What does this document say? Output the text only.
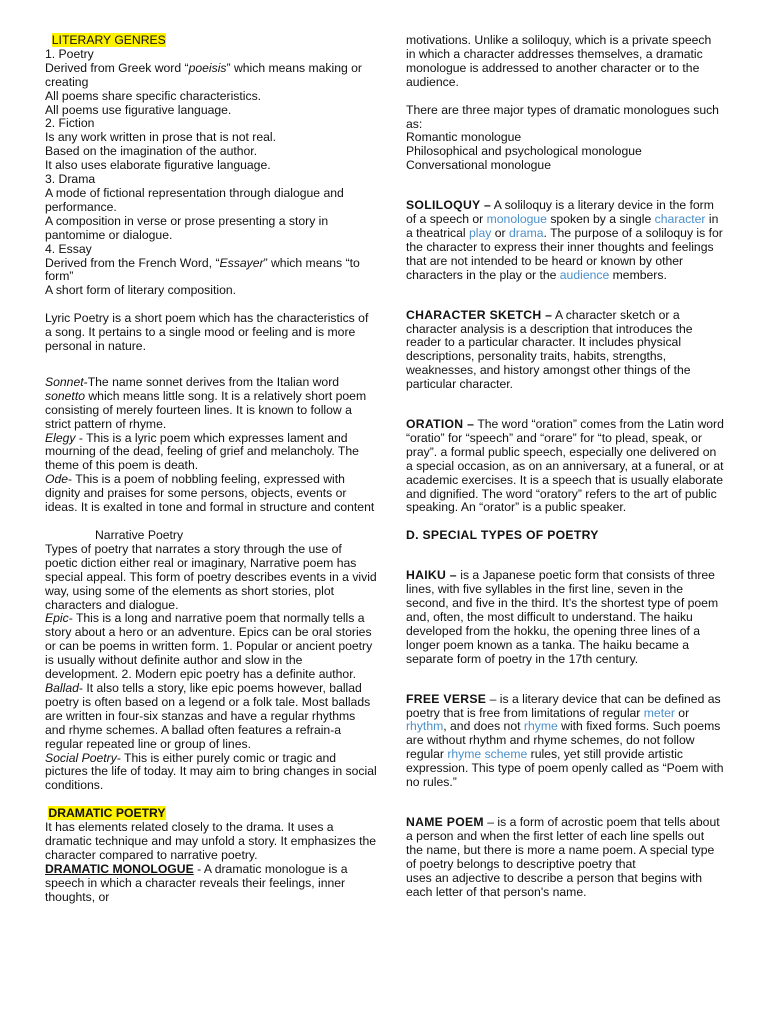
LITERARY GENRES

1. Poetry

Derived from Greek word “poeisis” which means making or creating

All poems share specific characteristics.

All poems use figurative language.

2. Fiction

Is any work written in prose that is not real.

Based on the imagination of the author.

It also uses elaborate figurative language.

3. Drama

A mode of fictional representation through dialogue and performance.

A composition in verse or prose presenting a story in pantomime or dialogue.

4. Essay

Derived from the French Word, “Essayer” which means “to form”

A short form of literary composition.

Lyric Poetry is a short poem which has the characteristics of a song. It pertains to a single mood or feeling and is more personal in nature.

Sonnet-The name sonnet derives from the Italian word sonetto which means little song. It is a relatively short poem consisting of merely fourteen lines. It is known to follow a strict pattern of rhyme.

Elegy - This is a lyric poem which expresses lament and mourning of the dead, feeling of grief and melancholy. The theme of this poem is death.

Ode- This is a poem of nobbling feeling, expressed with dignity and praises for some persons, objects, events or ideas. It is exalted in tone and formal in structure and content

Narrative Poetry

Types of poetry that narrates a story through the use of poetic diction either real or imaginary, Narrative poem has special appeal. This form of poetry describes events in a vivid way, using some of the elements as short stories, plot characters and dialogue.

Epic- This is a long and narrative poem that normally tells a story about a hero or an adventure. Epics can be oral stories or can be poems in written form. 1. Popular or ancient poetry is usually without definite author and slow in the development. 2. Modern epic poetry has a definite author.

Ballad- It also tells a story, like epic poems however, ballad poetry is often based on a legend or a folk tale. Most ballads are written in four-six stanzas and have a regular rhythms and rhyme schemes. A ballad often features a refrain-a regular repeated line or group of lines.

Social Poetry- This is either purely comic or tragic and pictures the life of today. It may aim to bring changes in social conditions.

DRAMATIC POETRY

It has elements related closely to the drama. It uses a dramatic technique and may unfold a story. It emphasizes the character compared to narrative poetry.

DRAMATIC MONOLOGUE - A dramatic monologue is a speech in which a character reveals their feelings, inner thoughts, or

motivations. Unlike a soliloquy, which is a private speech in which a character addresses themselves, a dramatic monologue is addressed to another character or to the audience.

There are three major types of dramatic monologues such as:

Romantic monologue

Philosophical and psychological monologue

Conversational monologue

SOLILOQUY – A soliloquy is a literary device in the form of a speech or monologue spoken by a single character in a theatrical play or drama. The purpose of a soliloquy is for the character to express their inner thoughts and feelings that are not intended to be heard or known by other characters in the play or the audience members.

CHARACTER SKETCH – A character sketch or a character analysis is a description that introduces the reader to a particular character. It includes physical descriptions, personality traits, habits, strengths, weaknesses, and history amongst other things of the particular character.

ORATION – The word “oration” comes from the Latin word “oratio” for “speech” and “orare” for “to plead, speak, or pray”. a formal public speech, especially one delivered on a special occasion, as on an anniversary, at a funeral, or at academic exercises. It is a speech that is usually elaborate and dignified. The word “oratory” refers to the art of public speaking. An “orator” is a public speaker.

D. SPECIAL TYPES OF POETRY

HAIKU – is a Japanese poetic form that consists of three lines, with five syllables in the first line, seven in the second, and five in the third. It’s the shortest type of poem and, often, the most difficult to understand. The haiku developed from the hokku, the opening three lines of a longer poem known as a tanka. The haiku became a separate form of poetry in the 17th century.

FREE VERSE – is a literary device that can be defined as poetry that is free from limitations of regular meter or rhythm, and does not rhyme with fixed forms. Such poems are without rhythm and rhyme schemes, do not follow regular rhyme scheme rules, yet still provide artistic expression. This type of poem openly called as “Poem with no rules.”

NAME POEM – is a form of acrostic poem that tells about a person and when the first letter of each line spells out the name, but there is more a name poem. A special type of poetry belongs to descriptive poetry that

uses an adjective to describe a person that begins with each letter of that person's name.
